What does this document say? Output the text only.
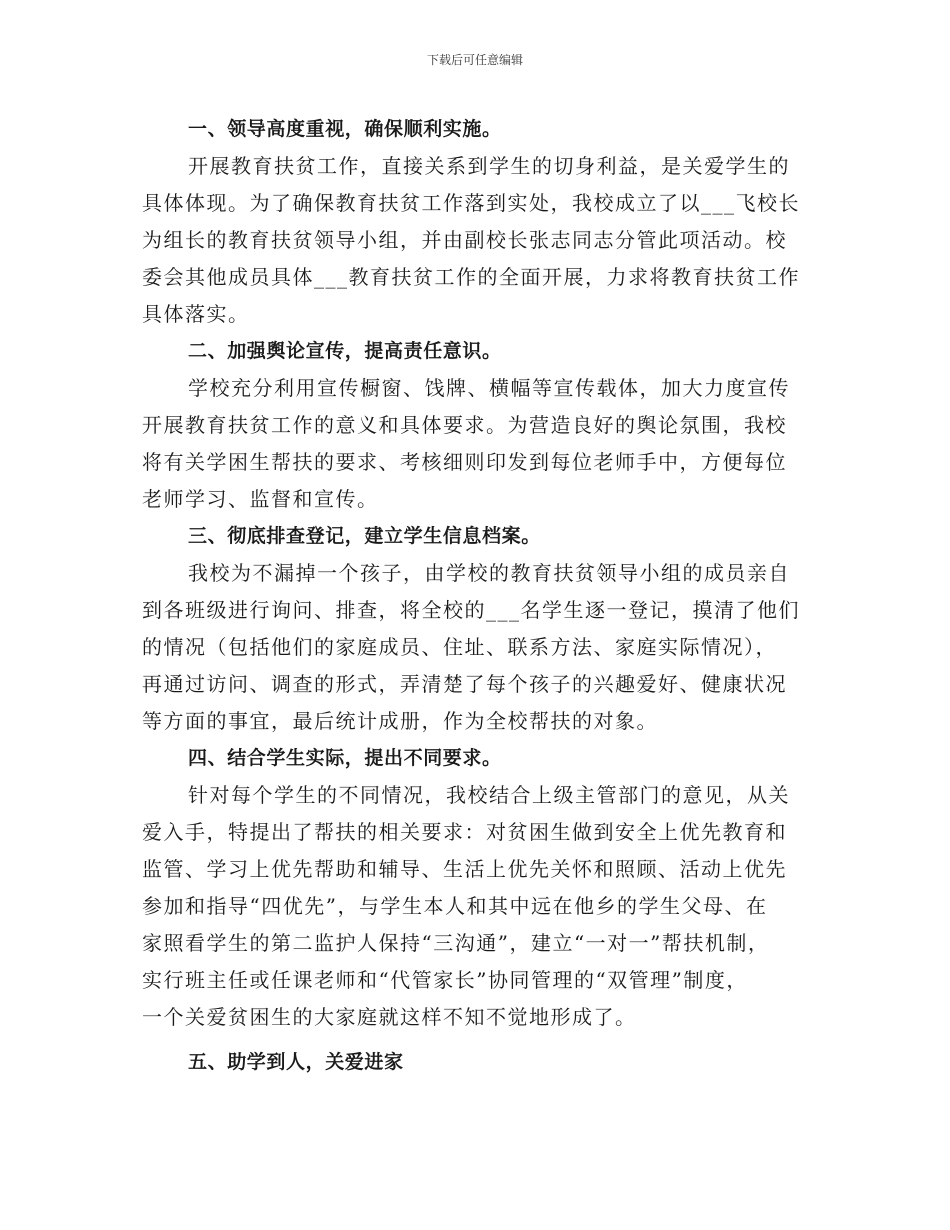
下载后可任意编辑
一、领导高度重视，确保顺利实施。

开展教育扶贫工作，直接关系到学生的切身利益，是关爱学生的
具体体现。为了确保教育扶贫工作落到实处，我校成立了以___飞校长
为组长的教育扶贫领导小组，并由副校长张志同志分管此项活动。校
委会其他成员具体___教育扶贫工作的全面开展，力求将教育扶贫工作
具体落实。

二、加强舆论宣传，提高责任意识。

学校充分利用宣传橱窗、饯牌、横幅等宣传载体，加大力度宣传
开展教育扶贫工作的意义和具体要求。为营造良好的舆论氛围，我校
将有关学困生帮扶的要求、考核细则印发到每位老师手中，方便每位
老师学习、监督和宣传。

三、彻底排查登记，建立学生信息档案。

我校为不漏掉一个孩子，由学校的教育扶贫领导小组的成员亲自
到各班级进行询问、排查，将全校的___名学生逐一登记，摸清了他们
的情况（包括他们的家庭成员、住址、联系方法、家庭实际情况），
再通过访问、调查的形式，弄清楚了每个孩子的兴趣爱好、健康状况
等方面的事宜，最后统计成册，作为全校帮扶的对象。

四、结合学生实际，提出不同要求。

针对每个学生的不同情况，我校结合上级主管部门的意见，从关
爱入手，特提出了帮扶的相关要求：对贫困生做到安全上优先教育和
监管、学习上优先帮助和辅导、生活上优先关怀和照顾、活动上优先
参加和指导“四优先”，与学生本人和其中远在他乡的学生父母、在
家照看学生的第二监护人保持“三沟通”，建立“一对一”帮扶机制，
实行班主任或任课老师和“代管家长”协同管理的“双管理”制度，
一个关爱贫困生的大家庭就这样不知不觉地形成了。

五、助学到人，关爱进家
